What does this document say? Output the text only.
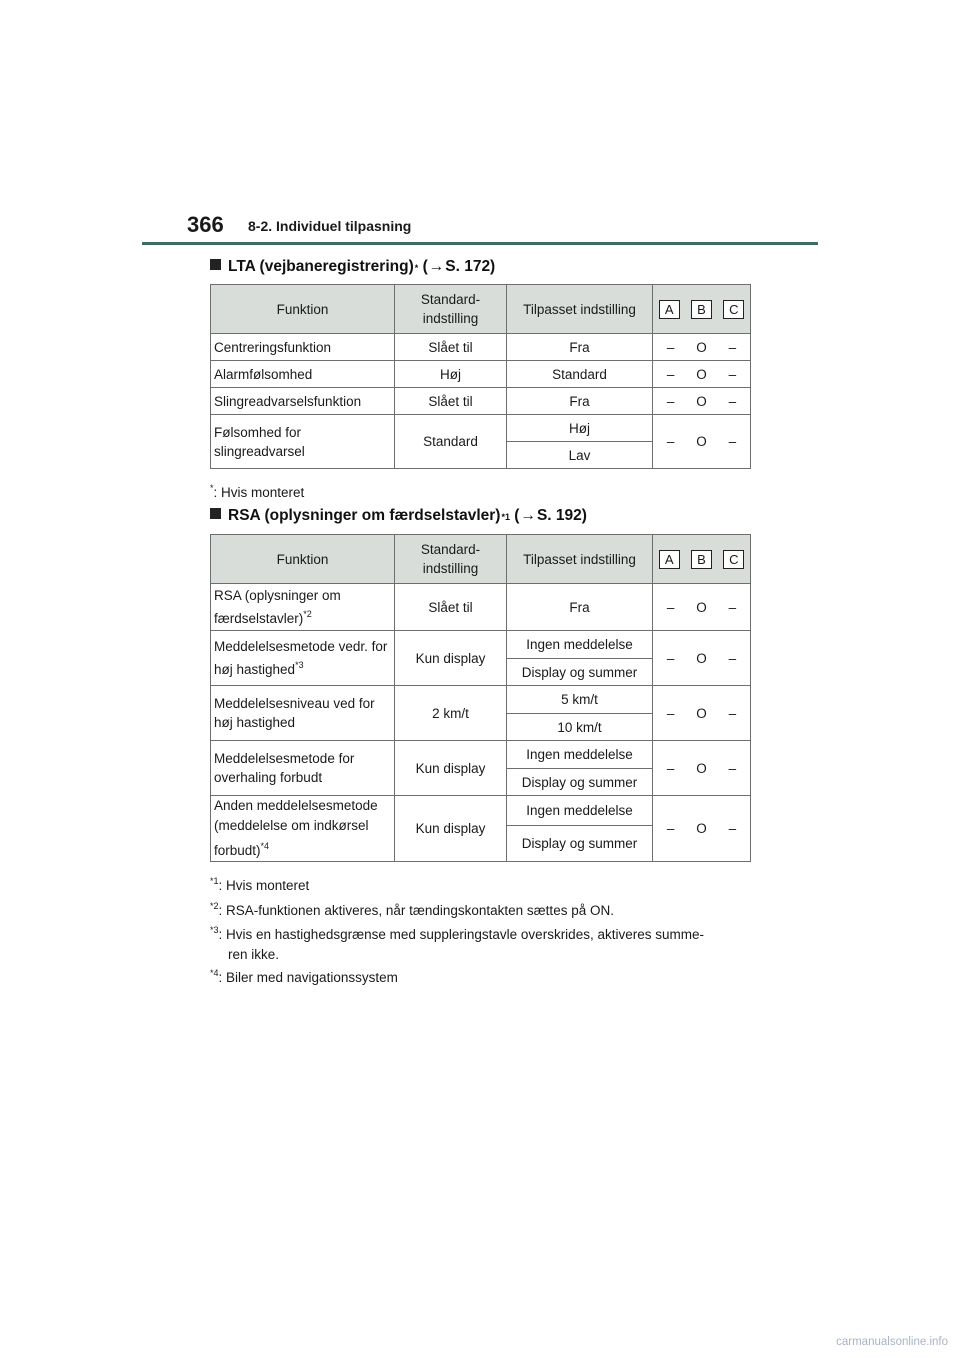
366 8-2. Individuel tilpasning
LTA (vejbaneregistrering) *
( → S. 172)
Funktion	Standard-
indstilling	Tilpasset indstilling	A B C

Centreringsfunktion	Slået til	Fra	– O –

Alarmfølsomhed	Høj	Standard	– O –

Slingreadvarselsfunktion	Slået til	Fra	– O –

Følsomhed for slingreadvarsel	Standard	Høj	– O –

		Lav	
*: Hvis monteret
RSA (oplysninger om færdselstavler) *1
( → S. 192)
Funktion	Standard-
indstilling	Tilpasset indstilling	A B C

RSA (oplysninger om færdselstavler)$^{*2}$	Slået til	Fra	– O –

Meddelelsesmetode vedr. for høj hastighed$^{*3}$	Kun display	Ingen meddelelse	– O –

		Display og summer	
Meddelelsesniveau ved for høj hastighed	2 km/t	5 km/t	– O –

		10 km/t	
Meddelelsesmetode for overhaling forbudt	Kun display	Ingen meddelelse	– O –

		Display og summer	
Anden meddelelsesmetode (meddelelse om indkørsel forbudt)$^{*4}$	Kun display	Ingen meddelelse	– O –

		Display og summer	
$^{*1}$: Hvis monteret
$^{*2}$: RSA-funktionen aktiveres, når tændingskontakten sættes på ON.
$^{*3}$: Hvis en hastighedsgrænse med suppleringstavle overskrides, aktiveres summe-
ren ikke.
$^{*4}$: Biler med navigationssystem
carmanualsonline.info
